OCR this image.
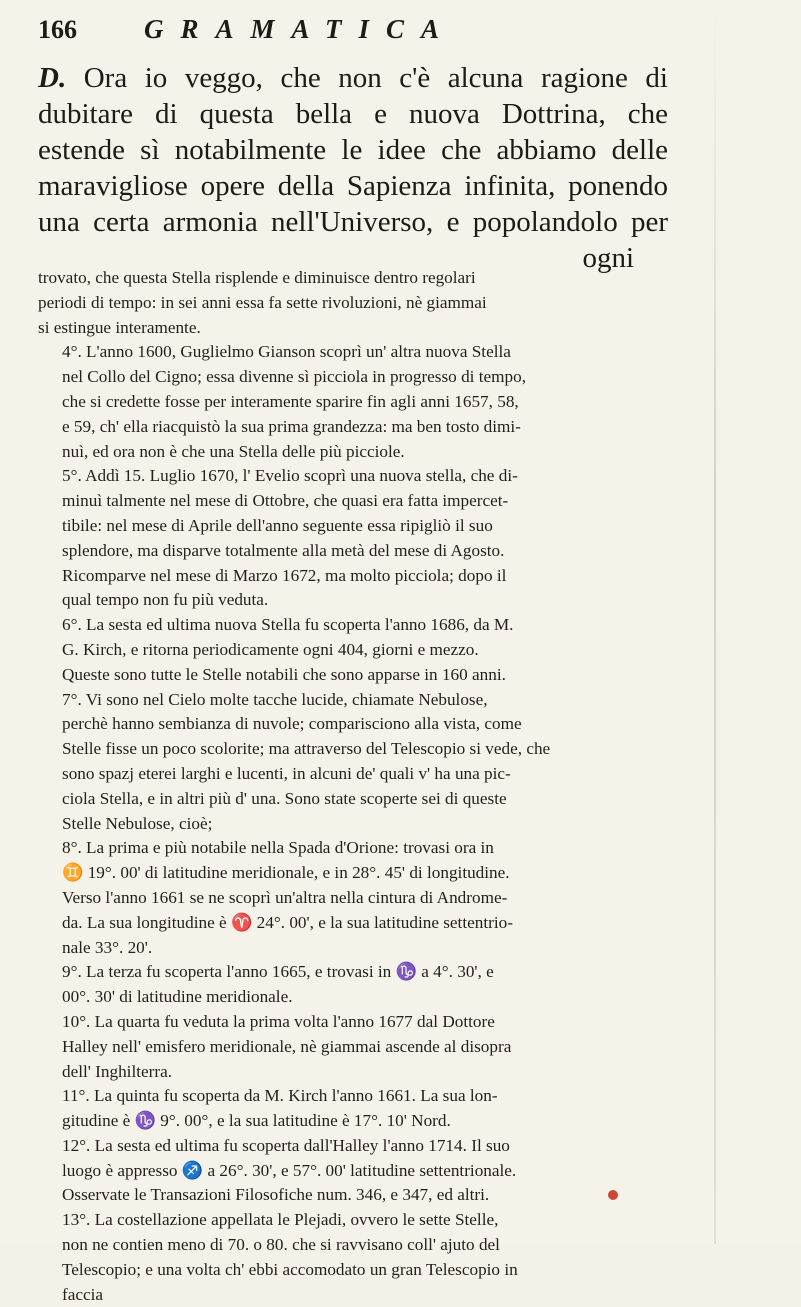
166	GRAMATICA
D. Ora io veggo, che non c'è alcuna ragione di
dubitare di questa bella e nuova Dottrina, che
estende sì notabilmente le idee che abbiamo delle
maravigliose opere della Sapienza infinita, ponendo
una certa armonia nell'Universo, e popolandolo per
ogni

trovato, che questa Stella risplende e diminuisce dentro regolari
periodi di tempo: in sei anni essa fa sette rivoluzioni, nè giammai
si estingue interamente.

4°. L'anno 1600, Guglielmo Gianson scoprì un' altra nuova Stella
nel Collo del Cigno; essa divenne sì picciola in progresso di tempo,
che si credette fosse per interamente sparire fin agli anni 1657, 58,
e 59, ch' ella riacquistò la sua prima grandezza: ma ben tosto dimi-
nuì, ed ora non è che una Stella delle più picciole.

5°. Addì 15. Luglio 1670, l' Evelio scoprì una nuova stella, che di-
minuì talmente nel mese di Ottobre, che quasi era fatta impercet-
tibile: nel mese di Aprile dell'anno seguente essa ripigliò il suo
splendore, ma disparve totalmente alla metà del mese di Agosto.
Ricomparve nel mese di Marzo 1672, ma molto picciola; dopo il
qual tempo non fu più veduta.

6°. La sesta ed ultima nuova Stella fu scoperta l'anno 1686, da M.
G. Kirch, e ritorna periodicamente ogni 404, giorni e mezzo.
Queste sono tutte le Stelle notabili che sono apparse in 160 anni.

7°. Vi sono nel Cielo molte tacche lucide, chiamate Nebulose,
perchè hanno sembianza di nuvole; comparisciono alla vista, come
Stelle fisse un poco scolorite; ma attraverso del Telescopio si vede, che
sono spazj eterei larghi e lucenti, in alcuni de' quali v' ha una pic-
ciola Stella, e in altri più d' una. Sono state scoperte sei di queste
Stelle Nebulose, cioè;

8°. La prima e più notabile nella Spada d'Orione: trovasi ora in
♊ 19°. 00' di latitudine meridionale, e in 28°. 45' di longitudine.
Verso l'anno 1661 se ne scoprì un'altra nella cintura di Androme-
da. La sua longitudine è ♈ 24°. 00', e la sua latitudine settentrio-
nale 33°. 20'.

9°. La terza fu scoperta l'anno 1665, e trovasi in ♑ a 4°. 30', e
00°. 30' di latitudine meridionale.

10°. La quarta fu veduta la prima volta l'anno 1677 dal Dottore
Halley nell' emisfero meridionale, nè giammai ascende al disopra
dell' Inghilterra.

11°. La quinta fu scoperta da M. Kirch l'anno 1661. La sua lon-
gitudine è ♑ 9°. 00°, e la sua latitudine è 17°. 10' Nord.

12°. La sesta ed ultima fu scoperta dall'Halley l'anno 1714. Il suo
luogo è appresso ♐ a 26°. 30', e 57°. 00' latitudine settentrionale.
Osservate le Transazioni Filosofiche num. 346, e 347, ed altri.

13°. La costellazione appellata le Plejadi, ovvero le sette Stelle,
non ne contien meno di 70. o 80. che si ravvisano coll' ajuto del
Telescopio; e una volta ch' ebbi accomodato un gran Telescopio in
faccia
